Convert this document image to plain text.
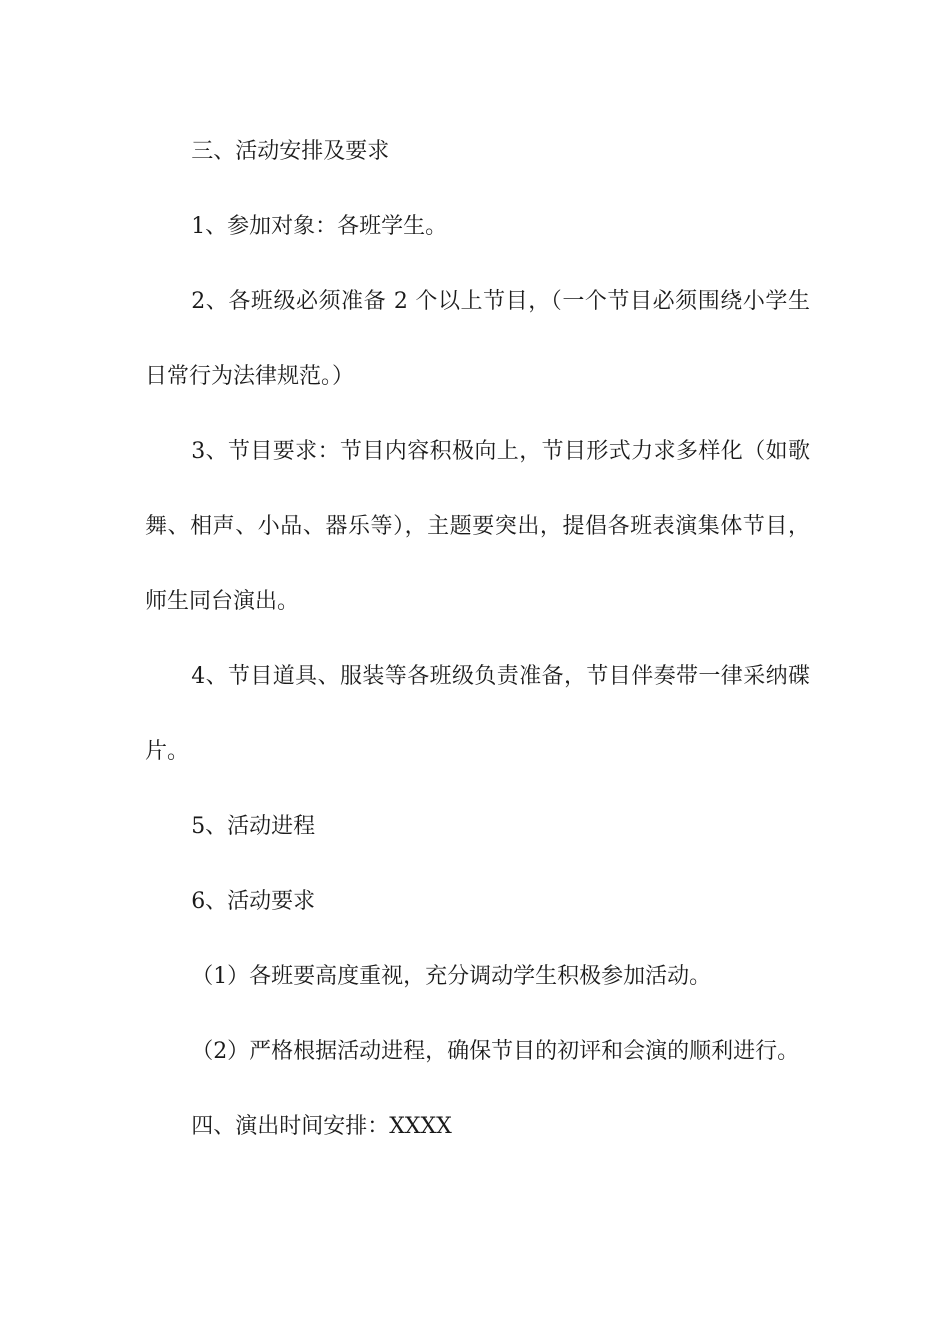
三、活动安排及要求

1、参加对象：各班学生。

2、各班级必须准备 2 个以上节目，（一个节目必须围绕小学生日常行为法律规范。）

3、节目要求：节目内容积极向上，节目形式力求多样化（如歌舞、相声、小品、器乐等），主题要突出，提倡各班表演集体节目，师生同台演出。

4、节目道具、服装等各班级负责准备，节目伴奏带一律采纳碟片。

5、活动进程

6、活动要求

（1）各班要高度重视，充分调动学生积极参加活动。

（2）严格根据活动进程，确保节目的初评和会演的顺利进行。

四、演出时间安排：XXXX
